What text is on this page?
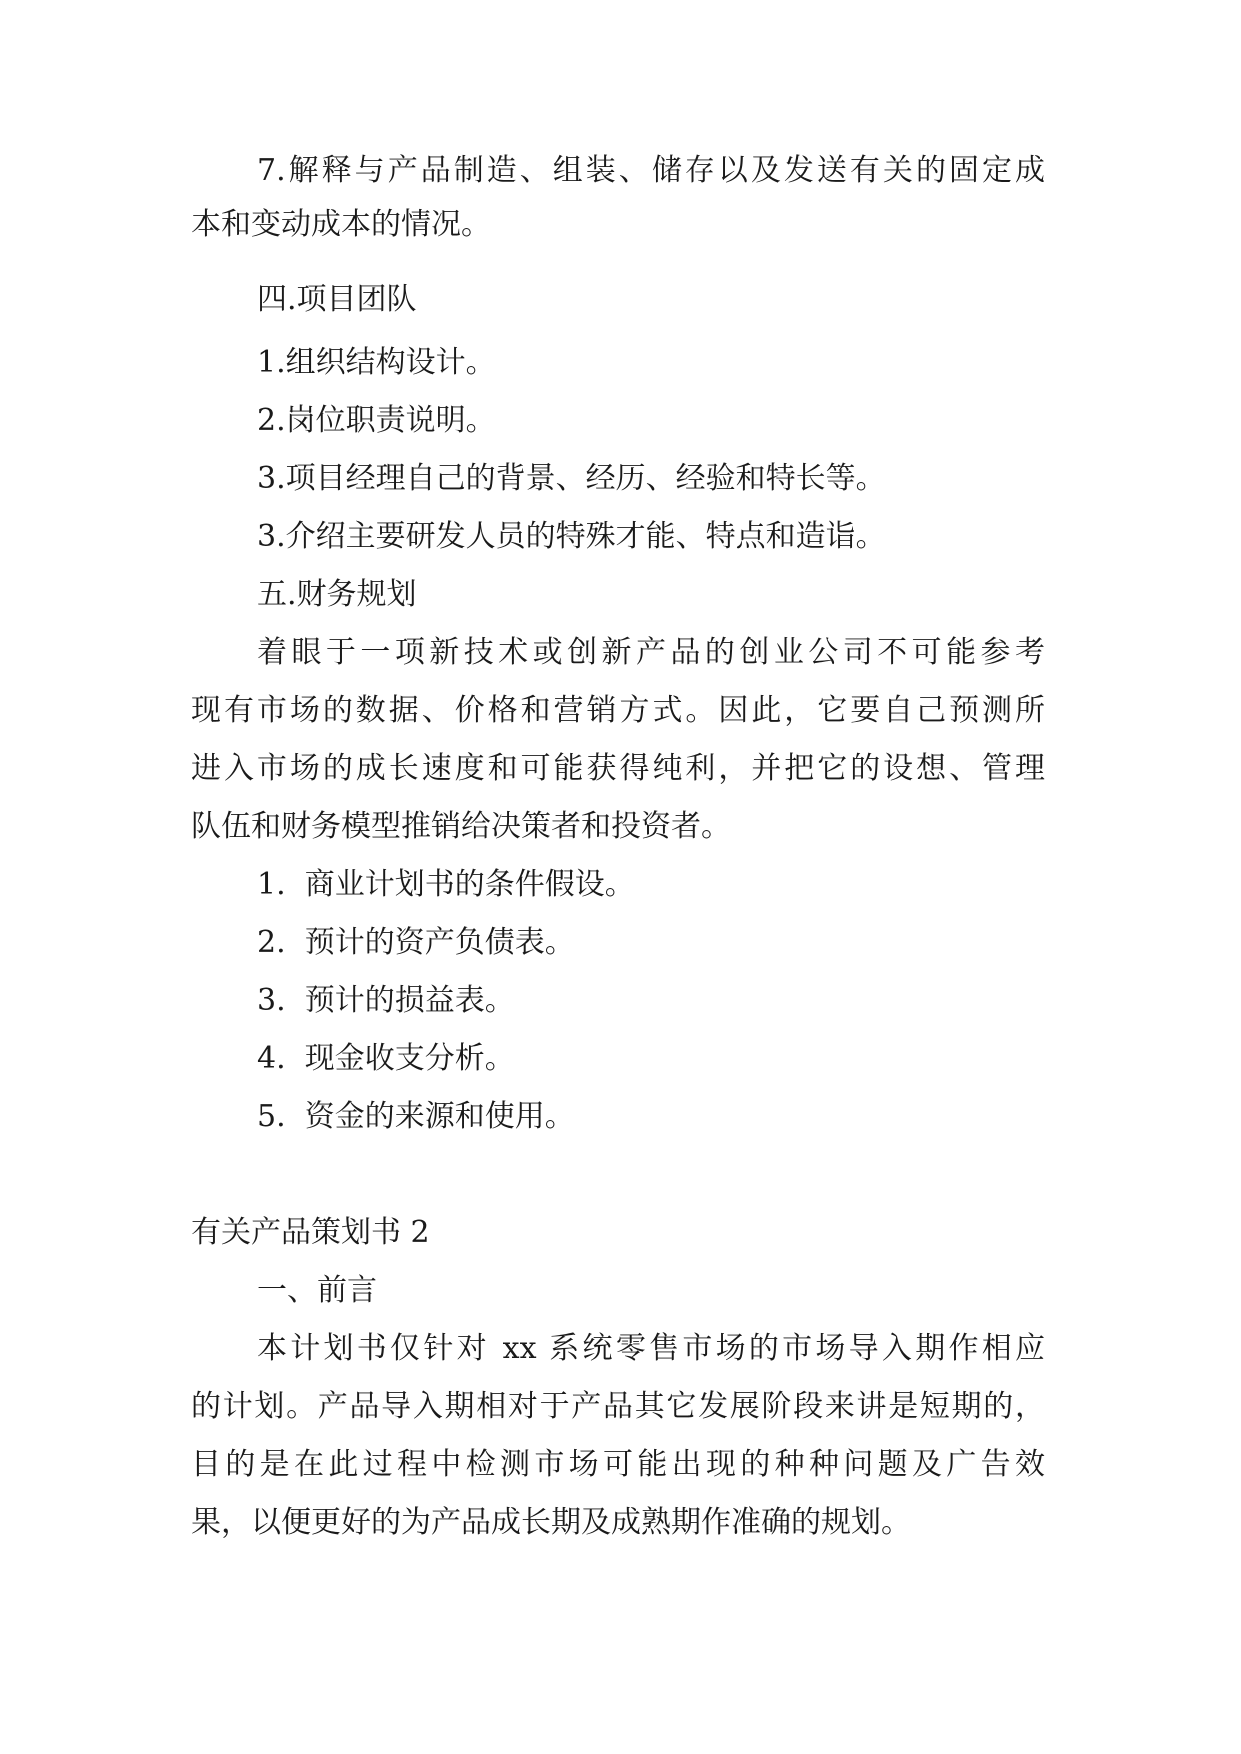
7.解释与产品制造、组装、储存以及发送有关的固定成

本和变动成本的情况。

四.项目团队

1.组织结构设计。

2.岗位职责说明。

3.项目经理自己的背景、经历、经验和特长等。

3.介绍主要研发人员的特殊才能、特点和造诣。

五.财务规划

着眼于一项新技术或创新产品的创业公司不可能参考

现有市场的数据、价格和营销方式。因此，它要自己预测所

进入市场的成长速度和可能获得纯利，并把它的设想、管理

队伍和财务模型推销给决策者和投资者。

1.  商业计划书的条件假设。

2.  预计的资产负债表。

3.  预计的损益表。

4.  现金收支分析。

5.  资金的来源和使用。

有关产品策划书 2

一、前言

本计划书仅针对 xx 系统零售市场的市场导入期作相应

的计划。产品导入期相对于产品其它发展阶段来讲是短期的，

目的是在此过程中检测市场可能出现的种种问题及广告效

果，以便更好的为产品成长期及成熟期作准确的规划。
